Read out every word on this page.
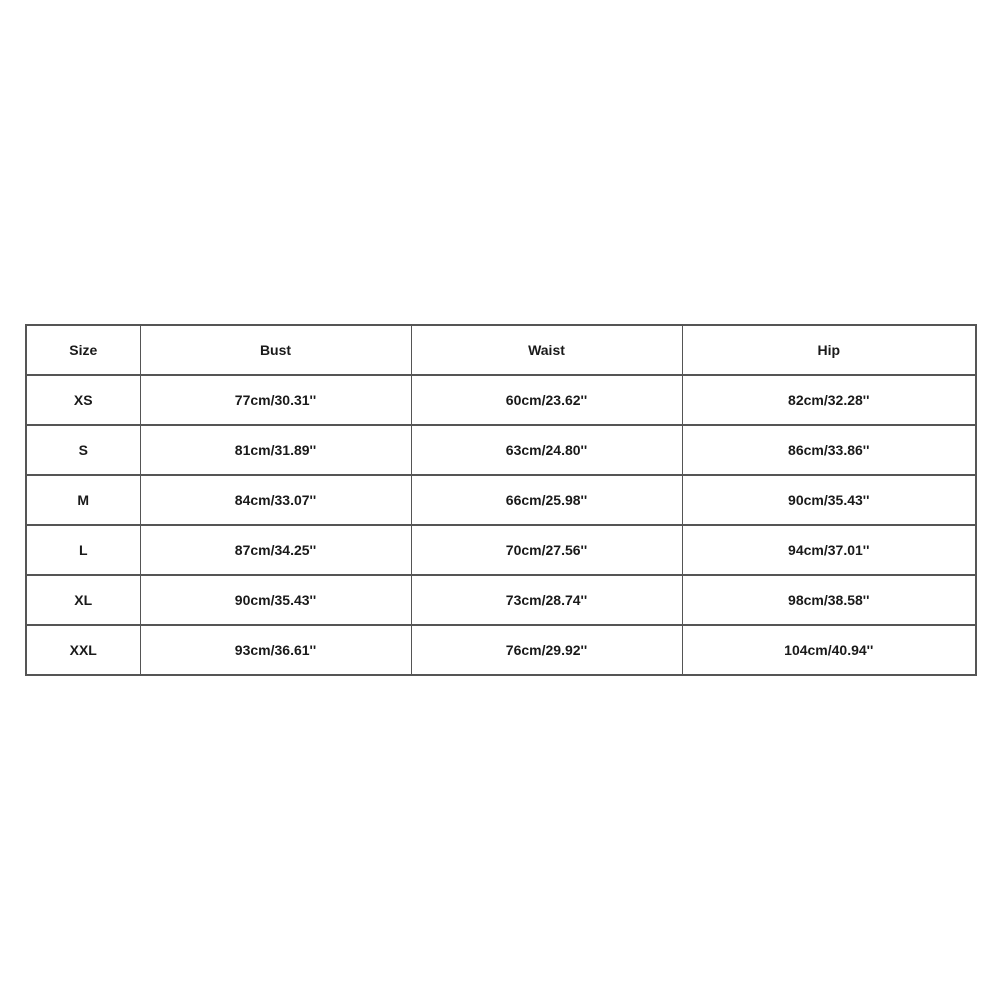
Size	Bust	Waist	Hip
XS	77cm/30.31''	60cm/23.62''	82cm/32.28''
S	81cm/31.89''	63cm/24.80''	86cm/33.86''
M	84cm/33.07''	66cm/25.98''	90cm/35.43''
L	87cm/34.25''	70cm/27.56''	94cm/37.01''
XL	90cm/35.43''	73cm/28.74''	98cm/38.58''
XXL	93cm/36.61''	76cm/29.92''	104cm/40.94''
